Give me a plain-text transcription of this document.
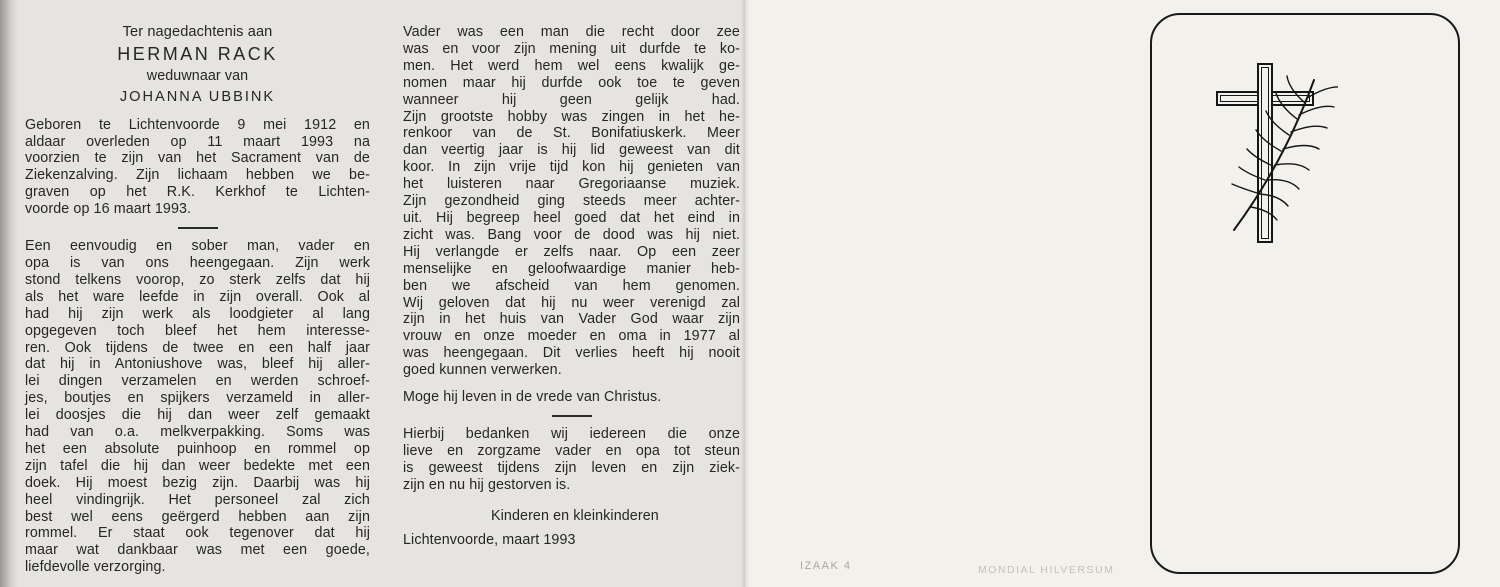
Ter nagedachtenis aan
HERMAN RACK
weduwnaar van
JOHANNA UBBINK
Geboren te Lichtenvoorde 9 mei 1912 en
aldaar overleden op 11 maart 1993 na
voorzien te zijn van het Sacrament van de
Ziekenzalving. Zijn lichaam hebben we be-
graven op het R.K. Kerkhof te Lichten-
voorde op 16 maart 1993.
Een eenvoudig en sober man, vader en
opa is van ons heengegaan. Zijn werk
stond telkens voorop, zo sterk zelfs dat hij
als het ware leefde in zijn overall. Ook al
had hij zijn werk als loodgieter al lang
opgegeven toch bleef het hem interesse-
ren. Ook tijdens de twee en een half jaar
dat hij in Antoniushove was, bleef hij aller-
lei dingen verzamelen en werden schroef-
jes, boutjes en spijkers verzameld in aller-
lei doosjes die hij dan weer zelf gemaakt
had van o.a. melkverpakking. Soms was
het een absolute puinhoop en rommel op
zijn tafel die hij dan weer bedekte met een
doek. Hij moest bezig zijn. Daarbij was hij
heel vindingrijk. Het personeel zal zich
best wel eens geërgerd hebben aan zijn
rommel. Er staat ook tegenover dat hij
maar wat dankbaar was met een goede,
liefdevolle verzorging.
Vader was een man die recht door zee
was en voor zijn mening uit durfde te ko-
men. Het werd hem wel eens kwalijk ge-
nomen maar hij durfde ook toe te geven
wanneer hij geen gelijk had.
Zijn grootste hobby was zingen in het he-
renkoor van de St. Bonifatiuskerk. Meer
dan veertig jaar is hij lid geweest van dit
koor. In zijn vrije tijd kon hij genieten van
het luisteren naar Gregoriaanse muziek.
Zijn gezondheid ging steeds meer achter-
uit. Hij begreep heel goed dat het eind in
zicht was. Bang voor de dood was hij niet.
Hij verlangde er zelfs naar. Op een zeer
menselijke en geloofwaardige manier heb-
ben we afscheid van hem genomen.
Wij geloven dat hij nu weer verenigd zal
zijn in het huis van Vader God waar zijn
vrouw en onze moeder en oma in 1977 al
was heengegaan. Dit verlies heeft hij nooit
goed kunnen verwerken.
Moge hij leven in de vrede van Christus.
Hierbij bedanken wij iedereen die onze
lieve en zorgzame vader en opa tot steun
is geweest tijdens zijn leven en zijn ziek-
zijn en nu hij gestorven is.
Kinderen en kleinkinderen
Lichtenvoorde, maart 1993
IZAAK 4	MONDIAL HILVERSUM
